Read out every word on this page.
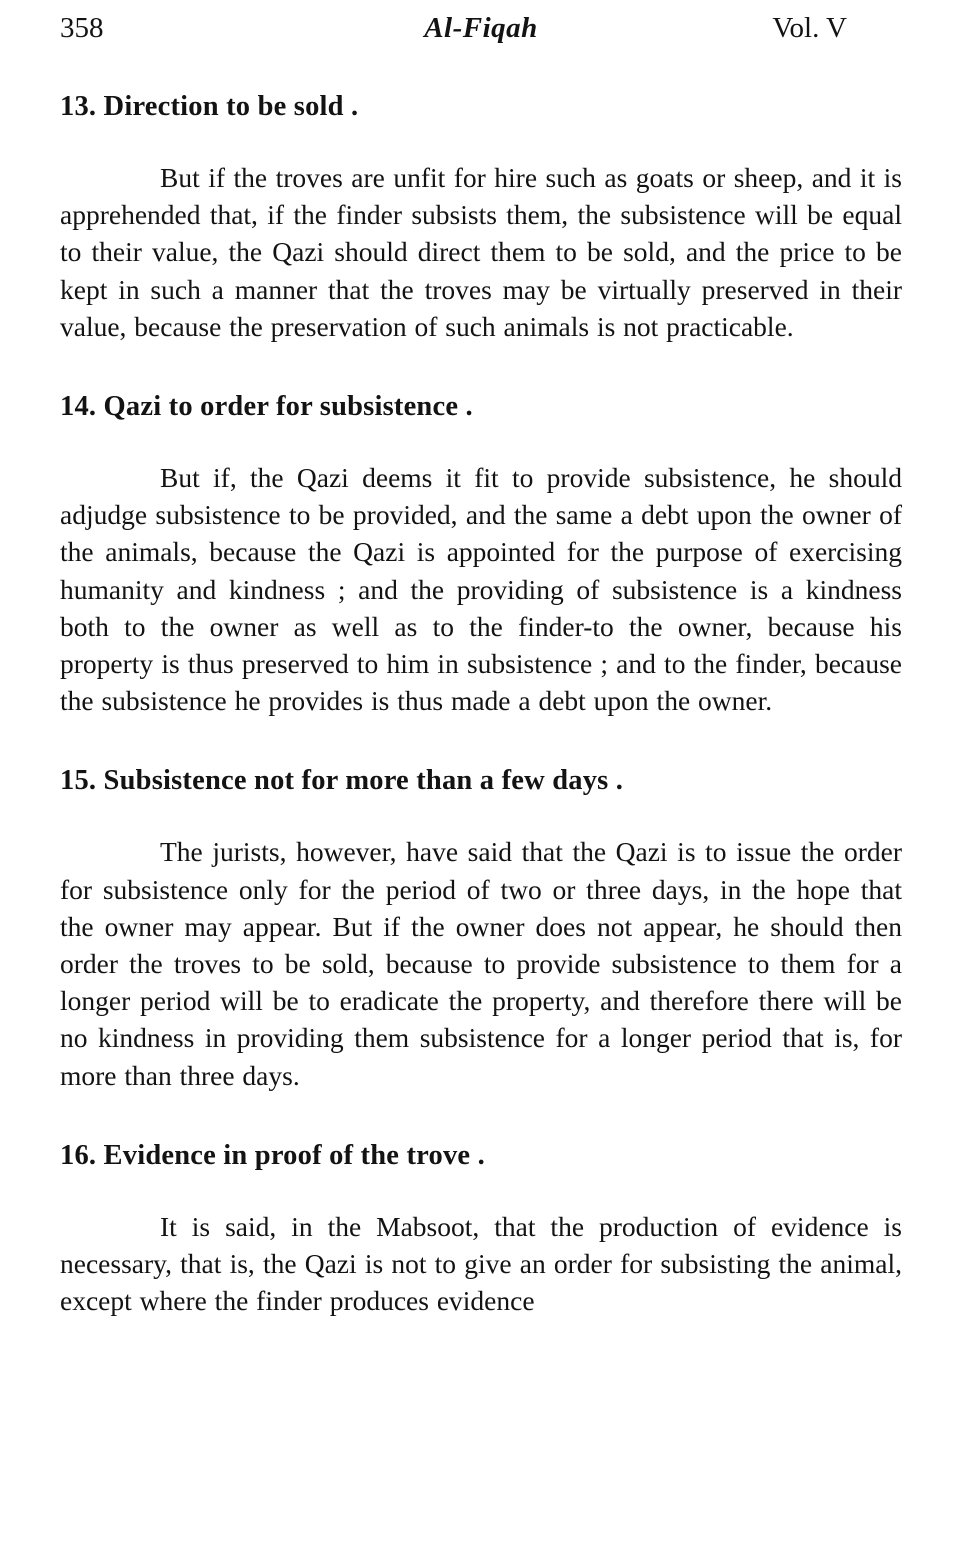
358	Al-Fiqah	Vol. V
13. Direction to be sold .

But if the troves are unfit for hire such as goats or sheep, and it is apprehended that, if the finder subsists them, the subsistence will be equal to their value, the Qazi should direct them to be sold, and the price to be kept in such a manner that the troves may be virtually preserved in their value, because the preservation of such animals is not practicable.

14. Qazi to order for subsistence .

But if, the Qazi deems it fit to provide subsistence, he should adjudge subsistence to be provided, and the same a debt upon the owner of the animals, because the Qazi is appointed for the purpose of exercising humanity and kindness ; and the providing of subsistence is a kindness both to the owner as well as to the finder-to the owner, because his property is thus preserved to him in subsistence ; and to the finder, because the subsistence he provides is thus made a debt upon the owner.

15. Subsistence not for more than a few days .

The jurists, however, have said that the Qazi is to issue the order for subsistence only for the period of two or three days, in the hope that the owner may appear. But if the owner does not appear, he should then order the troves to be sold, because to provide subsistence to them for a longer period will be to eradicate the property, and therefore there will be no kindness in providing them subsistence for a longer period that is, for more than three days.

16. Evidence in proof of the trove .

It is said, in the Mabsoot, that the production of evidence is necessary, that is, the Qazi is not to give an order for subsisting the animal, except where the finder produces evidence
